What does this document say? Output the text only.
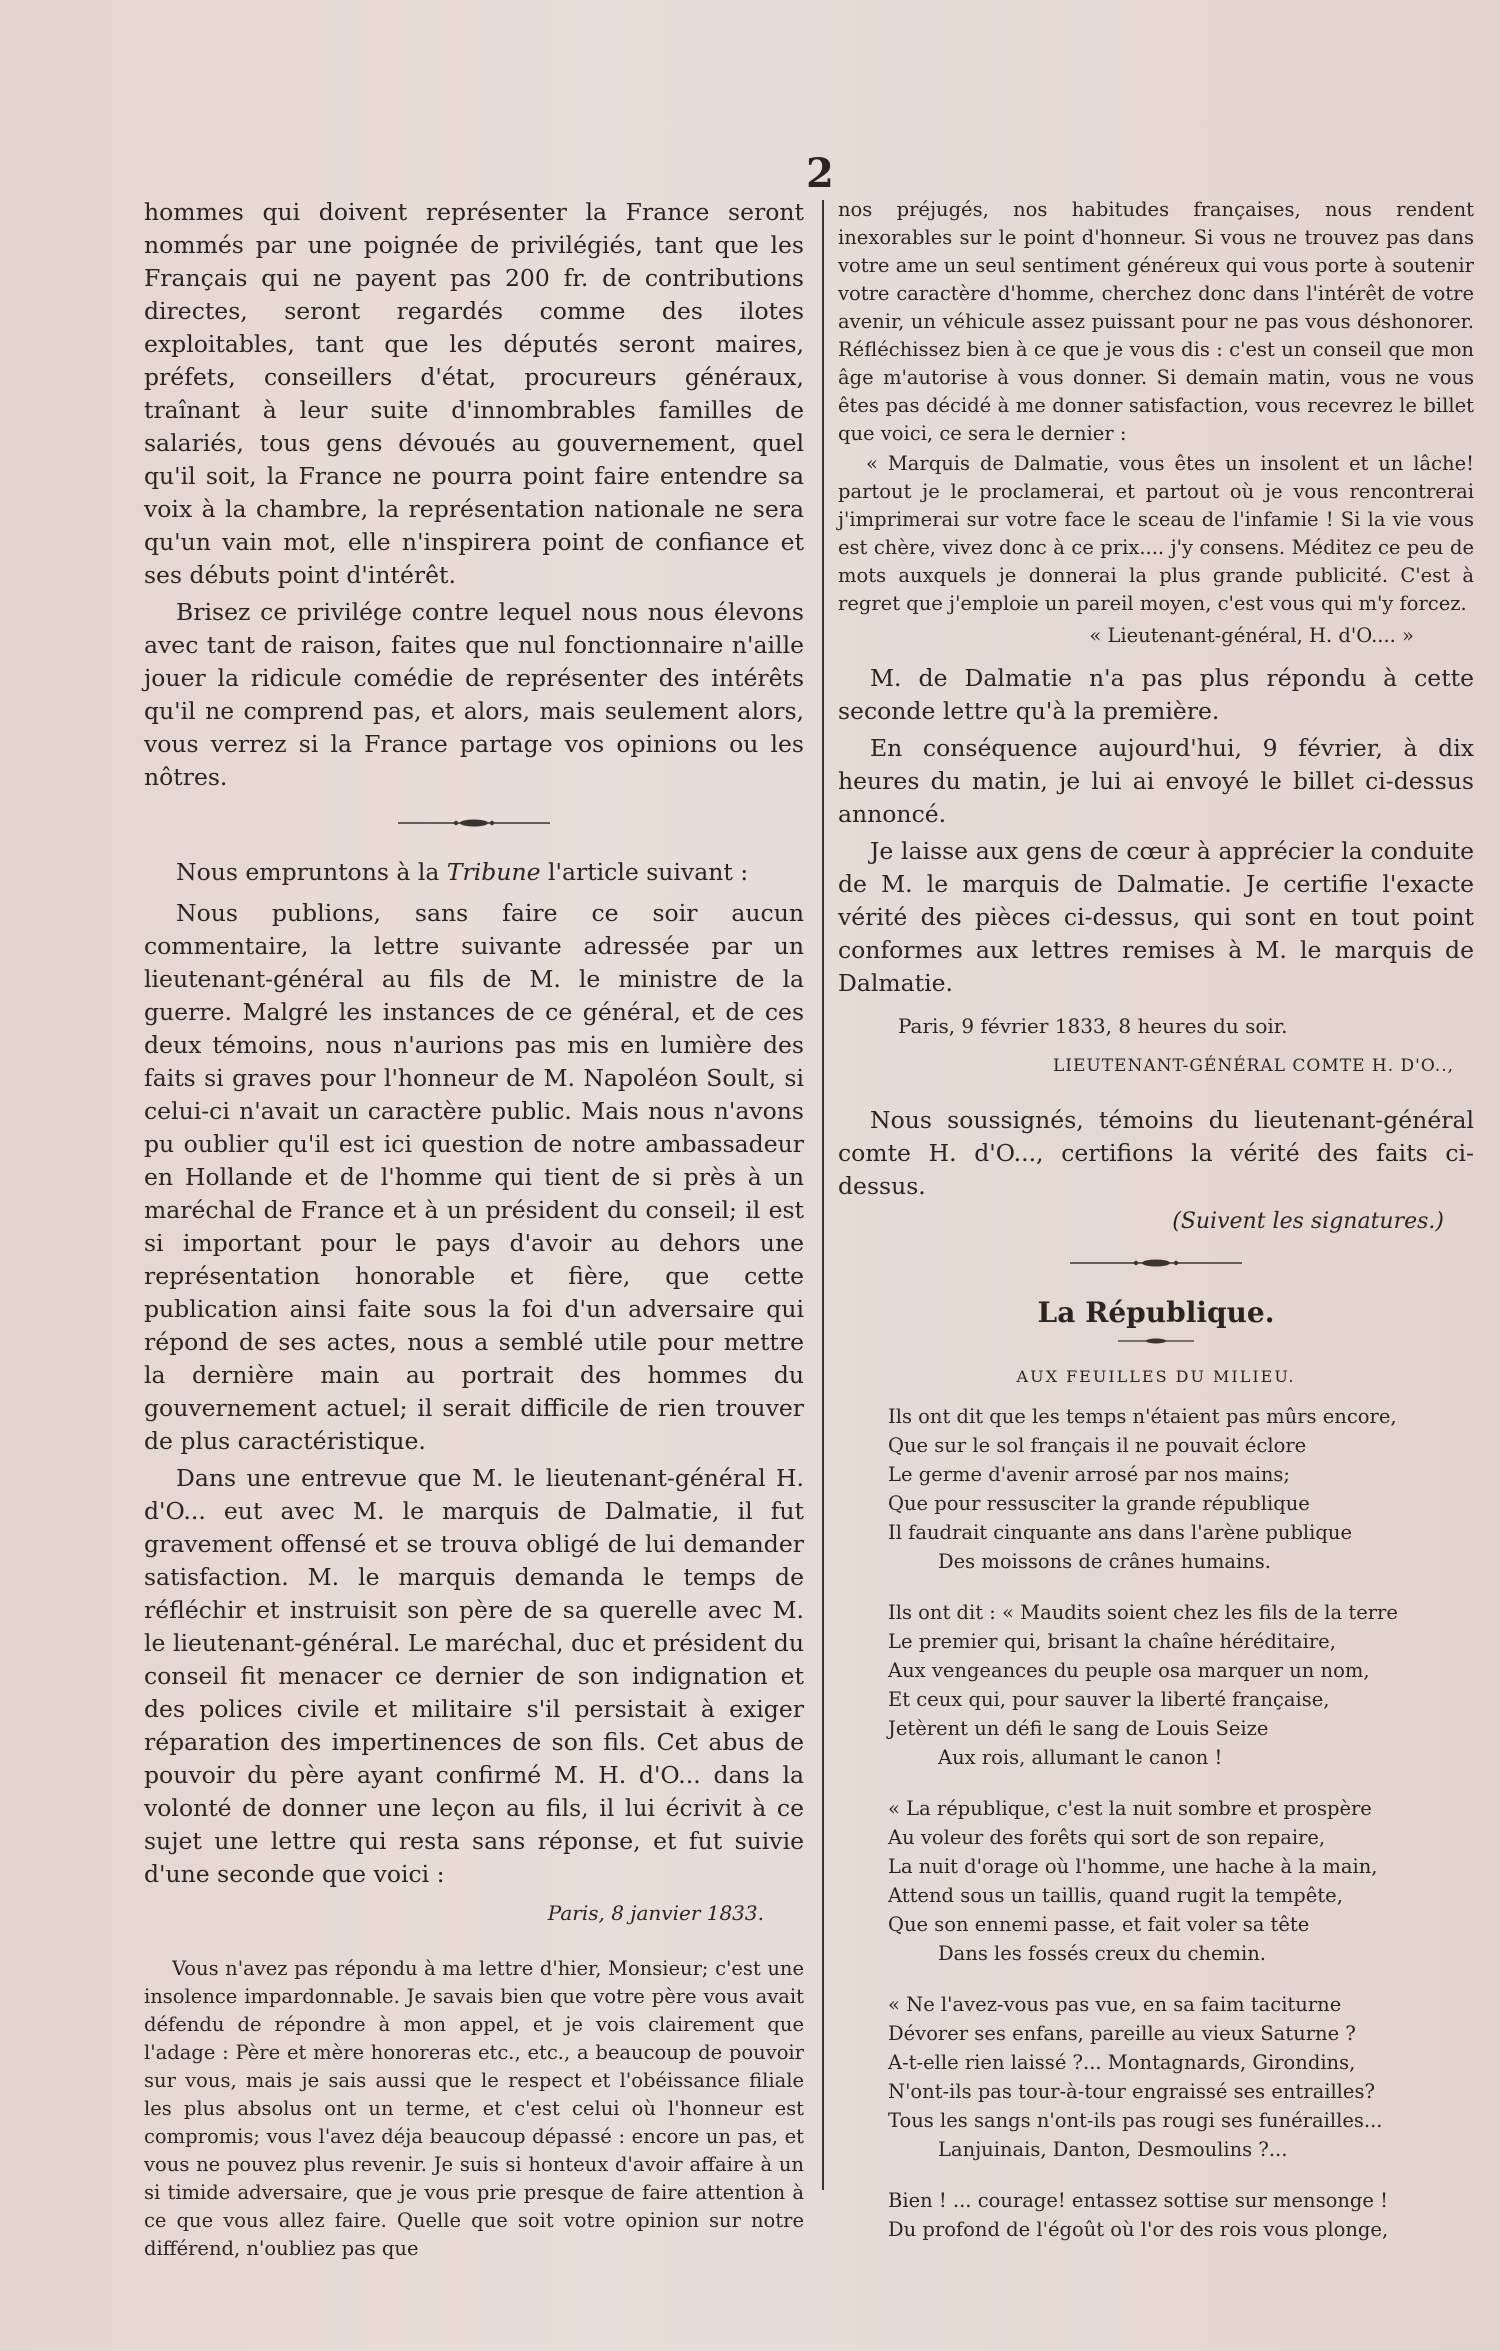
2

hommes qui doivent représenter la France seront nommés par une poignée de privilégiés, tant que les Français qui ne payent pas 200 fr. de contributions directes, seront regardés comme des ilotes exploitables, tant que les députés seront maires, préfets, conseillers d'état, procureurs généraux, traînant à leur suite d'innombrables familles de salariés, tous gens dévoués au gouvernement, quel qu'il soit, la France ne pourra point faire entendre sa voix à la chambre, la représentation nationale ne sera qu'un vain mot, elle n'inspirera point de confiance et ses débuts point d'intérêt.

Brisez ce privilége contre lequel nous nous élevons avec tant de raison, faites que nul fonctionnaire n'aille jouer la ridicule comédie de représenter des intérêts qu'il ne comprend pas, et alors, mais seulement alors, vous verrez si la France partage vos opinions ou les nôtres.

Nous empruntons à la Tribune l'article suivant :

Nous publions, sans faire ce soir aucun commentaire, la lettre suivante adressée par un lieutenant-général au fils de M. le ministre de la guerre. Malgré les instances de ce général, et de ces deux témoins, nous n'aurions pas mis en lumière des faits si graves pour l'honneur de M. Napoléon Soult, si celui-ci n'avait un caractère public. Mais nous n'avons pu oublier qu'il est ici question de notre ambassadeur en Hollande et de l'homme qui tient de si près à un maréchal de France et à un président du conseil; il est si important pour le pays d'avoir au dehors une représentation honorable et fière, que cette publication ainsi faite sous la foi d'un adversaire qui répond de ses actes, nous a semblé utile pour mettre la dernière main au portrait des hommes du gouvernement actuel; il serait difficile de rien trouver de plus caractéristique.

Dans une entrevue que M. le lieutenant-général H. d'O... eut avec M. le marquis de Dalmatie, il fut gravement offensé et se trouva obligé de lui demander satisfaction. M. le marquis demanda le temps de réfléchir et instruisit son père de sa querelle avec M. le lieutenant-général. Le maréchal, duc et président du conseil fit menacer ce dernier de son indignation et des polices civile et militaire s'il persistait à exiger réparation des impertinences de son fils. Cet abus de pouvoir du père ayant confirmé M. H. d'O... dans la volonté de donner une leçon au fils, il lui écrivit à ce sujet une lettre qui resta sans réponse, et fut suivie d'une seconde que voici :

Paris, 8 janvier 1833.

Vous n'avez pas répondu à ma lettre d'hier, Monsieur; c'est une insolence impardonnable. Je savais bien que votre père vous avait défendu de répondre à mon appel, et je vois clairement que l'adage : Père et mère honoreras etc., etc., a beaucoup de pouvoir sur vous, mais je sais aussi que le respect et l'obéissance filiale les plus absolus ont un terme, et c'est celui où l'honneur est compromis; vous l'avez déja beaucoup dépassé : encore un pas, et vous ne pouvez plus revenir. Je suis si honteux d'avoir affaire à un si timide adversaire, que je vous prie presque de faire attention à ce que vous allez faire. Quelle que soit votre opinion sur notre différend, n'oubliez pas que

nos préjugés, nos habitudes françaises, nous rendent inexorables sur le point d'honneur. Si vous ne trouvez pas dans votre ame un seul sentiment généreux qui vous porte à soutenir votre caractère d'homme, cherchez donc dans l'intérêt de votre avenir, un véhicule assez puissant pour ne pas vous déshonorer. Réfléchissez bien à ce que je vous dis : c'est un conseil que mon âge m'autorise à vous donner. Si demain matin, vous ne vous êtes pas décidé à me donner satisfaction, vous recevrez le billet que voici, ce sera le dernier :

« Marquis de Dalmatie, vous êtes un insolent et un lâche! partout je le proclamerai, et partout où je vous rencontrerai j'imprimerai sur votre face le sceau de l'infamie ! Si la vie vous est chère, vivez donc à ce prix.... j'y consens. Méditez ce peu de mots auxquels je donnerai la plus grande publicité. C'est à regret que j'emploie un pareil moyen, c'est vous qui m'y forcez.

« Lieutenant-général, H. d'O.... »

M. de Dalmatie n'a pas plus répondu à cette seconde lettre qu'à la première.

En conséquence aujourd'hui, 9 février, à dix heures du matin, je lui ai envoyé le billet ci-dessus annoncé.

Je laisse aux gens de cœur à apprécier la conduite de M. le marquis de Dalmatie. Je certifie l'exacte vérité des pièces ci-dessus, qui sont en tout point conformes aux lettres remises à M. le marquis de Dalmatie.

Paris, 9 février 1833, 8 heures du soir.

LIEUTENANT-GÉNÉRAL COMTE H. D'O..,

Nous soussignés, témoins du lieutenant-général comte H. d'O..., certifions la vérité des faits ci-dessus.

(Suivent les signatures.)

La République.

AUX FEUILLES DU MILIEU.

Ils ont dit que les temps n'étaient pas mûrs encore,

Que sur le sol français il ne pouvait éclore

Le germe d'avenir arrosé par nos mains;

Que pour ressusciter la grande république

Il faudrait cinquante ans dans l'arène publique

Des moissons de crânes humains.

Ils ont dit : « Maudits soient chez les fils de la terre

Le premier qui, brisant la chaîne héréditaire,

Aux vengeances du peuple osa marquer un nom,

Et ceux qui, pour sauver la liberté française,

Jetèrent un défi le sang de Louis Seize

Aux rois, allumant le canon !

« La république, c'est la nuit sombre et prospère

Au voleur des forêts qui sort de son repaire,

La nuit d'orage où l'homme, une hache à la main,

Attend sous un taillis, quand rugit la tempête,

Que son ennemi passe, et fait voler sa tête

Dans les fossés creux du chemin.

« Ne l'avez-vous pas vue, en sa faim taciturne

Dévorer ses enfans, pareille au vieux Saturne ?

A-t-elle rien laissé ?... Montagnards, Girondins,

N'ont-ils pas tour-à-tour engraissé ses entrailles?

Tous les sangs n'ont-ils pas rougi ses funérailles...

Lanjuinais, Danton, Desmoulins ?...

Bien ! ... courage! entassez sottise sur mensonge !

Du profond de l'égoût où l'or des rois vous plonge,
